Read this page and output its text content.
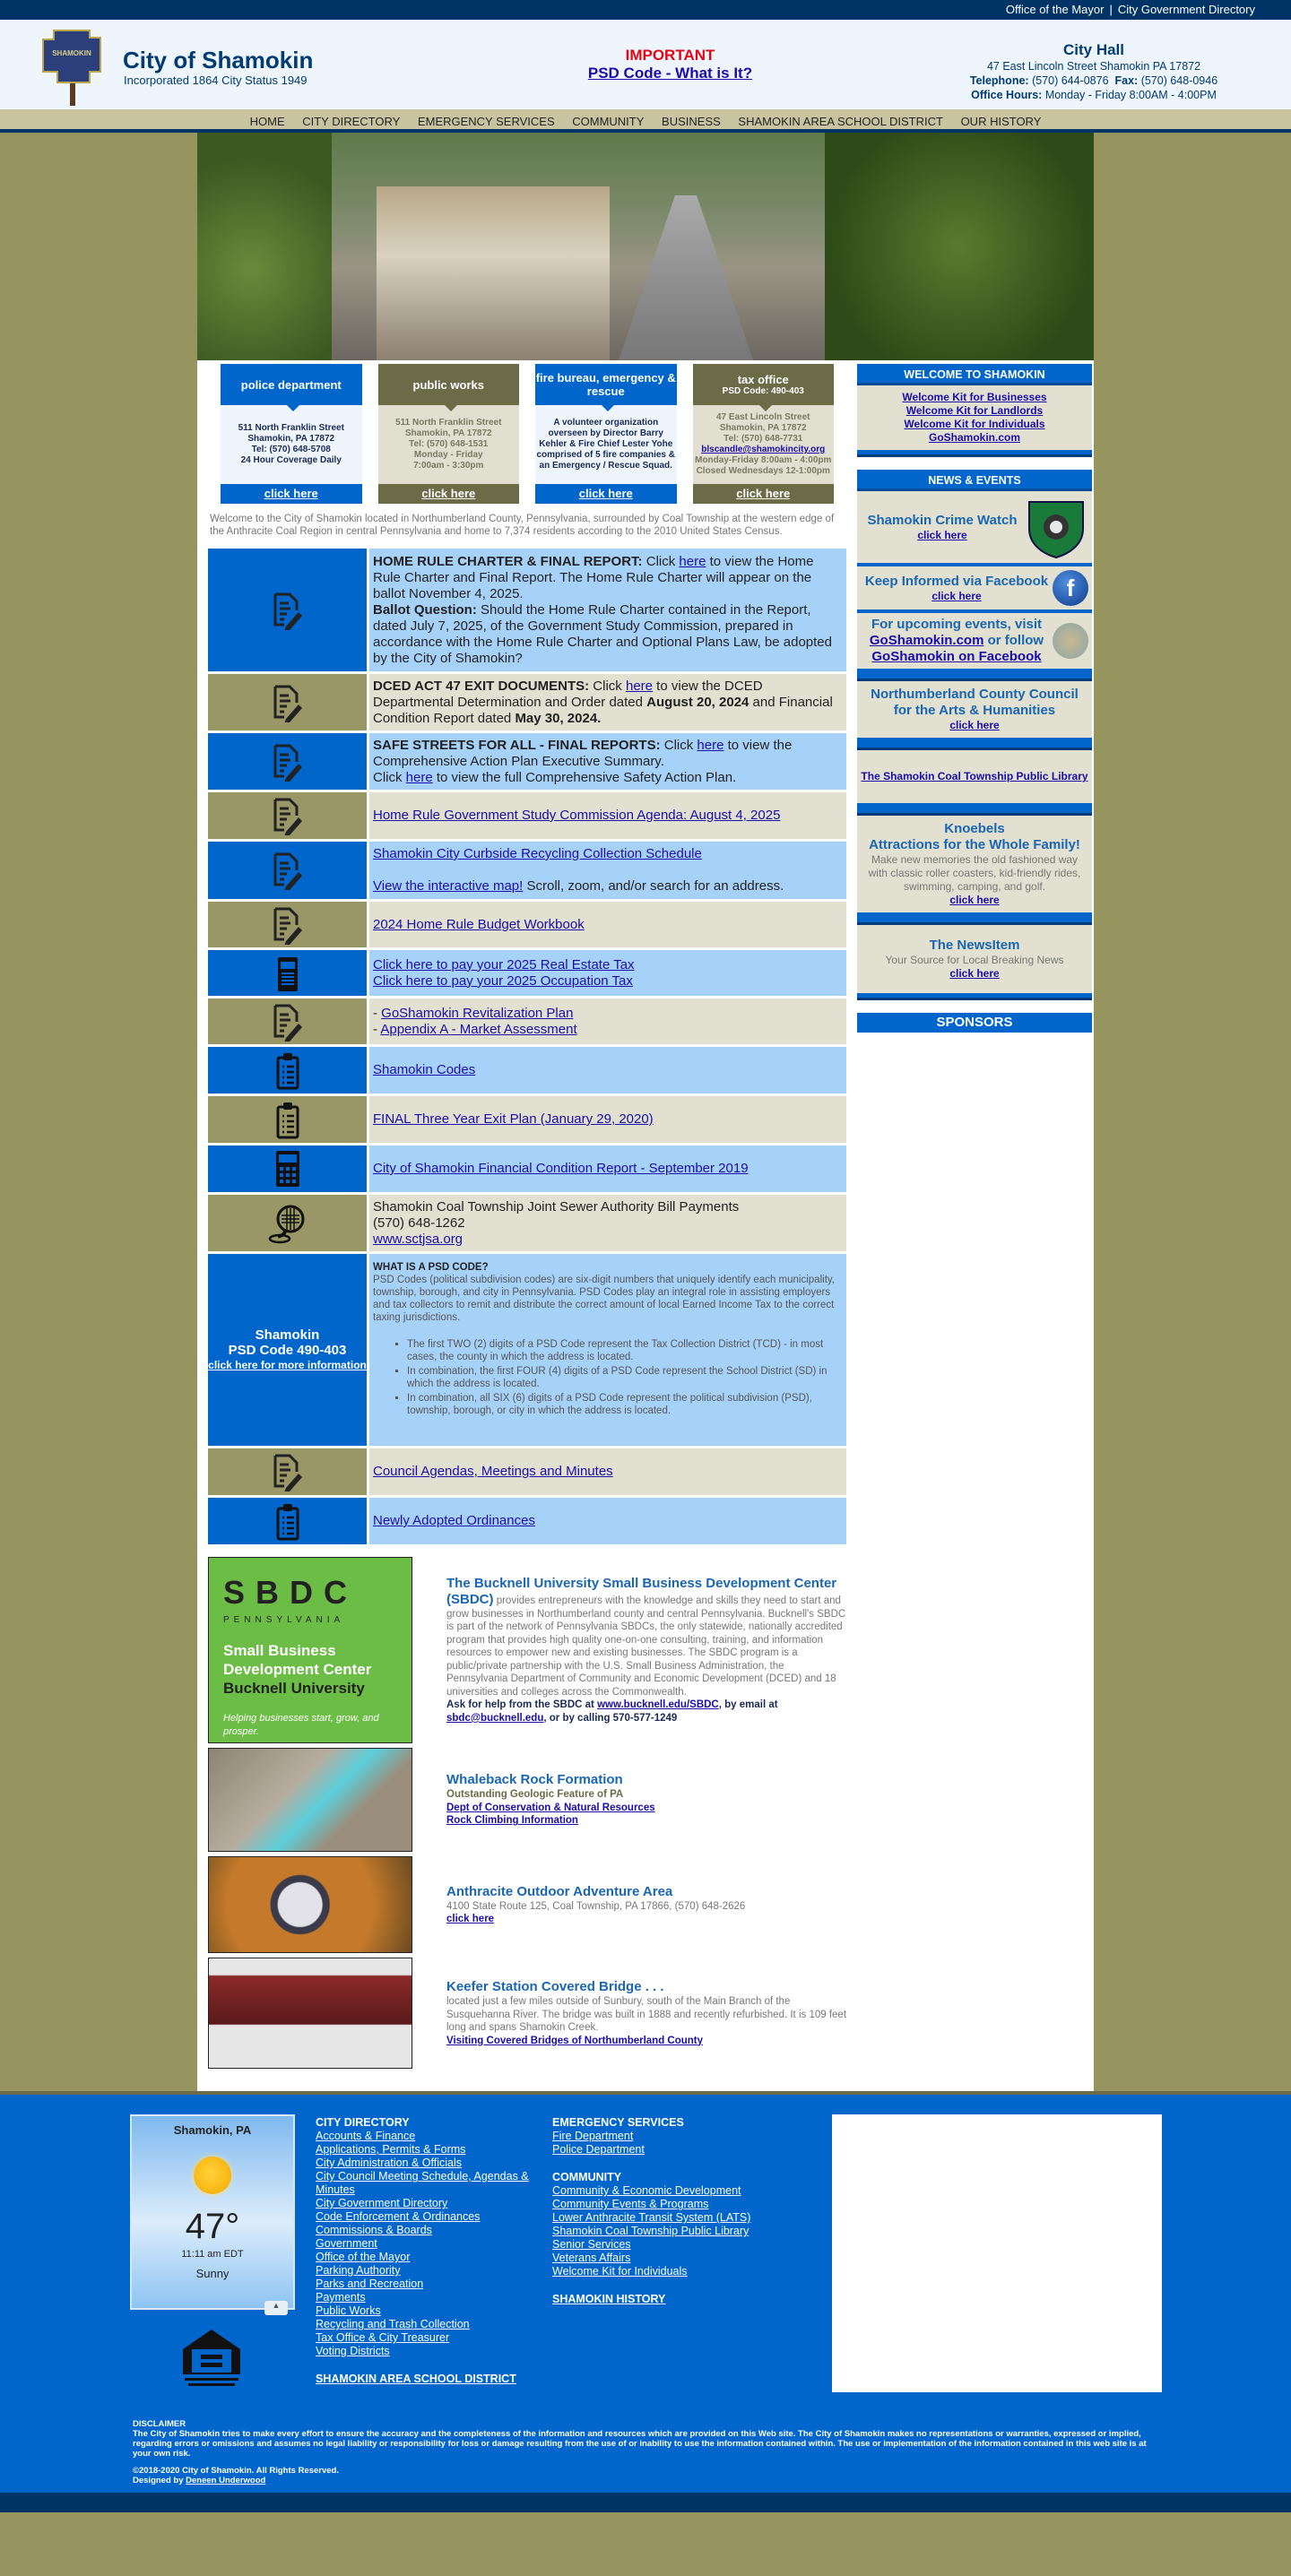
Office of the Mayor | City Government Directory
SHAMOKIN City of Shamokin
Incorporated 1864 City Status 1949
IMPORTANT
PSD Code - What is It?
City Hall
47 East Lincoln Street Shamokin PA 17872
Telephone: (570) 644-0876 Fax: (570) 648-0946
Office Hours: Monday - Friday 8:00AM - 4:00PM
HOME CITY DIRECTORY EMERGENCY SERVICES COMMUNITY BUSINESS SHAMOKIN AREA SCHOOL DISTRICT OUR HISTORY
police department
511 North Franklin Street
Shamokin, PA 17872
Tel: (570) 648-5708
24 Hour Coverage Daily
click here
public works
511 North Franklin Street
Shamokin, PA 17872
Tel: (570) 648-1531
Monday - Friday
7:00am - 3:30pm
click here
fire bureau, emergency & rescue
A volunteer organization
overseen by Director Barry
Kehler & Fire Chief Lester Yohe
comprised of 5 fire companies &
an Emergency / Rescue Squad.
click here
tax office
PSD Code: 490-403
47 East Lincoln Street
Shamokin, PA 17872
Tel: (570) 648-7731
blscandle@shamokincity.org
Monday-Friday 8:00am - 4:00pm
Closed Wednesdays 12-1:00pm
click here
Welcome to the City of Shamokin located in Northumberland County, Pennsylvania, surrounded by Coal Township at the western edge of the Anthracite Coal Region in central Pennsylvania and home to 7,374 residents according to the 2010 United States Census.
HOME RULE CHARTER & FINAL REPORT: Click here to view the Home Rule Charter and Final Report. The Home Rule Charter will appear on the ballot November 4, 2025.
Ballot Question: Should the Home Rule Charter contained in the Report, dated July 7, 2025, of the Government Study Commission, prepared in accordance with the Home Rule Charter and Optional Plans Law, be adopted by the City of Shamokin?
DCED ACT 47 EXIT DOCUMENTS: Click here to view the DCED Departmental Determination and Order dated August 20, 2024 and Financial Condition Report dated May 30, 2024.
SAFE STREETS FOR ALL - FINAL REPORTS: Click here to view the Comprehensive Action Plan Executive Summary.
Click here to view the full Comprehensive Safety Action Plan.
Home Rule Government Study Commission Agenda: August 4, 2025
Shamokin City Curbside Recycling Collection Schedule
View the interactive map! Scroll, zoom, and/or search for an address.
2024 Home Rule Budget Workbook
Click here to pay your 2025 Real Estate Tax
Click here to pay your 2025 Occupation Tax
- GoShamokin Revitalization Plan
- Appendix A - Market Assessment
Shamokin Codes
FINAL Three Year Exit Plan (January 29, 2020)
City of Shamokin Financial Condition Report - September 2019
Shamokin Coal Township Joint Sewer Authority Bill Payments
(570) 648-1262
www.sctjsa.org
Shamokin
PSD Code 490-403
click here for more information
WHAT IS A PSD CODE?
PSD Codes (political subdivision codes) are six-digit numbers that uniquely identify each municipality, township, borough, and city in Pennsylvania. PSD Codes play an integral role in assisting employers and tax collectors to remit and distribute the correct amount of local Earned Income Tax to the correct taxing jurisdictions.
▪ The first TWO (2) digits of a PSD Code represent the Tax Collection District (TCD) - in most cases, the county in which the address is located.
▪ In combination, the first FOUR (4) digits of a PSD Code represent the School District (SD) in which the address is located.
▪ In combination, all SIX (6) digits of a PSD Code represent the political subdivision (PSD), township, borough, or city in which the address is located.
Council Agendas, Meetings and Minutes
Newly Adopted Ordinances
SBDC
PENNSYLVANIA
Small Business Development Center
Bucknell University
Helping businesses start, grow, and prosper.
The Bucknell University Small Business Development Center (SBDC) provides entrepreneurs with the knowledge and skills they need to start and grow businesses in Northumberland county and central Pennsylvania. Bucknell's SBDC is part of the network of Pennsylvania SBDCs, the only statewide, nationally accredited program that provides high quality one-on-one consulting, training, and information resources to empower new and existing businesses. The SBDC program is a public/private partnership with the U.S. Small Business Administration, the Pennsylvania Department of Community and Economic Development (DCED) and 18 universities and colleges across the Commonwealth.
Ask for help from the SBDC at www.bucknell.edu/SBDC, by email at sbdc@bucknell.edu, or by calling 570-577-1249
Whaleback Rock Formation
Outstanding Geologic Feature of PA
Dept of Conservation & Natural Resources
Rock Climbing Information
Anthracite Outdoor Adventure Area
4100 State Route 125, Coal Township, PA 17866, (570) 648-2626
click here
Keefer Station Covered Bridge . . .
located just a few miles outside of Sunbury, south of the Main Branch of the Susquehanna River. The bridge was built in 1888 and recently refurbished. It is 109 feet long and spans Shamokin Creek.
Visiting Covered Bridges of Northumberland County
WELCOME TO SHAMOKIN
Welcome Kit for Businesses
Welcome Kit for Landlords
Welcome Kit for Individuals
GoShamokin.com
NEWS & EVENTS
Shamokin Crime Watch
click here
Keep Informed via Facebook
click here	f
For upcoming events, visit GoShamokin.com or follow GoShamokin on Facebook
Northumberland County Council for the Arts & Humanities
click here
The Shamokin Coal Township Public Library
Knoebels
Attractions for the Whole Family!
Make new memories the old fashioned way with classic roller coasters, kid-friendly rides, swimming, camping, and golf.
click here
The NewsItem
Your Source for Local Breaking News
click here
SPONSORS
Shamokin, PA
47°
11:11 am EDT
Sunny
▲
CITY DIRECTORY
Accounts & Finance
Applications, Permits & Forms
City Administration & Officials
City Council Meeting Schedule, Agendas & Minutes
City Government Directory
Code Enforcement & Ordinances
Commissions & Boards
Government
Office of the Mayor
Parking Authority
Parks and Recreation
Payments
Public Works
Recycling and Trash Collection
Tax Office & City Treasurer
Voting Districts
SHAMOKIN AREA SCHOOL DISTRICT
EMERGENCY SERVICES
Fire Department
Police Department
COMMUNITY
Community & Economic Development
Community Events & Programs
Lower Anthracite Transit System (LATS)
Shamokin Coal Township Public Library
Senior Services
Veterans Affairs
Welcome Kit for Individuals
SHAMOKIN HISTORY
DISCLAIMER
The City of Shamokin tries to make every effort to ensure the accuracy and the completeness of the information and resources which are provided on this Web site. The City of Shamokin makes no representations or warranties, expressed or implied, regarding errors or omissions and assumes no legal liability or responsibility for loss or damage resulting from the use of or inability to use the information contained within. The use or implementation of the information contained in this web site is at your own risk.
©2018-2020 City of Shamokin. All Rights Reserved.
Designed by Deneen Underwood
